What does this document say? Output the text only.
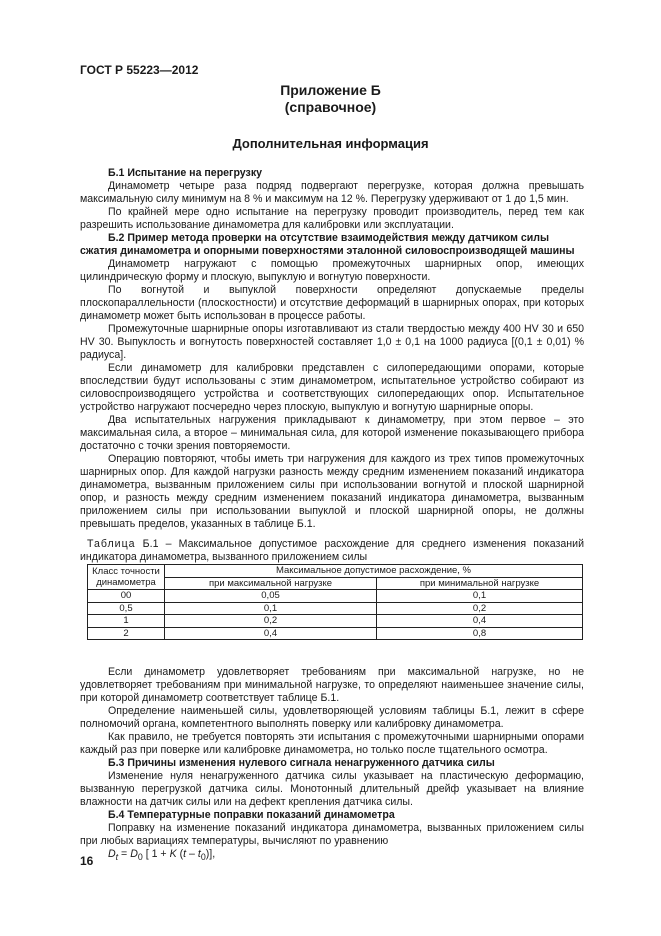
ГОСТ Р 55223—2012
Приложение Б
(справочное)
Дополнительная информация
Б.1 Испытание на перегрузку

Динамометр четыре раза подряд подвергают перегрузке, которая должна превышать максимальную силу минимум на 8 % и максимум на 12 %. Перегрузку удерживают от 1 до 1,5 мин.

По крайней мере одно испытание на перегрузку проводит производитель, перед тем как разрешить использование динамометра для калибровки или эксплуатации.

Б.2 Пример метода проверки на отсутствие взаимодействия между датчиком силы сжатия динамометра и опорными поверхностями эталонной силовоспроизводящей машины

Динамометр нагружают с помощью промежуточных шарнирных опор, имеющих цилиндрическую форму и плоскую, выпуклую и вогнутую поверхности.

По вогнутой и выпуклой поверхности определяют допускаемые пределы плоскопараллельности (плоскостности) и отсутствие деформаций в шарнирных опорах, при которых динамометр может быть использован в процессе работы.

Промежуточные шарнирные опоры изготавливают из стали твердостью между 400 HV 30 и 650 HV 30. Выпуклость и вогнутость поверхностей составляет 1,0 ± 0,1 на 1000 радиуса [(0,1 ± 0,01) % радиуса].

Если динамометр для калибровки представлен с силопередающими опорами, которые впоследствии будут использованы с этим динамометром, испытательное устройство собирают из силовоспроизводящего устройства и соответствующих силопередающих опор. Испытательное устройство нагружают посчередно через плоскую, выпуклую и вогнутую шарнирные опоры.

Два испытательных нагружения прикладывают к динамометру, при этом первое – это максимальная сила, а второе – минимальная сила, для которой изменение показывающего прибора достаточно с точки зрения повторяемости.

Операцию повторяют, чтобы иметь три нагружения для каждого из трех типов промежуточных шарнирных опор. Для каждой нагрузки разность между средним изменением показаний индикатора динамометра, вызванным приложением силы при использовании вогнутой и плоской шарнирной опор, и разность между средним изменением показаний индикатора динамометра, вызванным приложением силы при использовании выпуклой и плоской шарнирной опоры, не должны превышать пределов, указанных в таблице Б.1.

Таблица Б.1 – Максимальное допустимое расхождение для среднего изменения показаний индикатора динамометра, вызванного приложением силы

Класс точности динамометра	Максимальное допустимое расхождение, %	
	при максимальной нагрузке	при минимальной нагрузке
00	0,05	0,1
0,5	0,1	0,2
1	0,2	0,4
2	0,4	0,8

Если динамометр удовлетворяет требованиям при максимальной нагрузке, но не удовлетворяет требованиям при минимальной нагрузке, то определяют наименьшее значение силы, при которой динамометр соответствует таблице Б.1.

Определение наименьшей силы, удовлетворяющей условиям таблицы Б.1, лежит в сфере полномочий органа, компетентного выполнять поверку или калибровку динамометра.

Как правило, не требуется повторять эти испытания с промежуточными шарнирными опорами каждый раз при поверке или калибровке динамометра, но только после тщательного осмотра.

Б.3 Причины изменения нулевого сигнала ненагруженного датчика силы

Изменение нуля ненагруженного датчика силы указывает на пластическую деформацию, вызванную перегрузкой датчика силы. Монотонный длительный дрейф указывает на влияние влажности на датчик силы или на дефект крепления датчика силы.

Б.4 Температурные поправки показаний динамометра

Поправку на изменение показаний индикатора динамометра, вызванных приложением силы при любых вариациях температуры, вычисляют по уравнению

$D_t = D_0$ [ 1 + K $(t - t_0)$],

16
